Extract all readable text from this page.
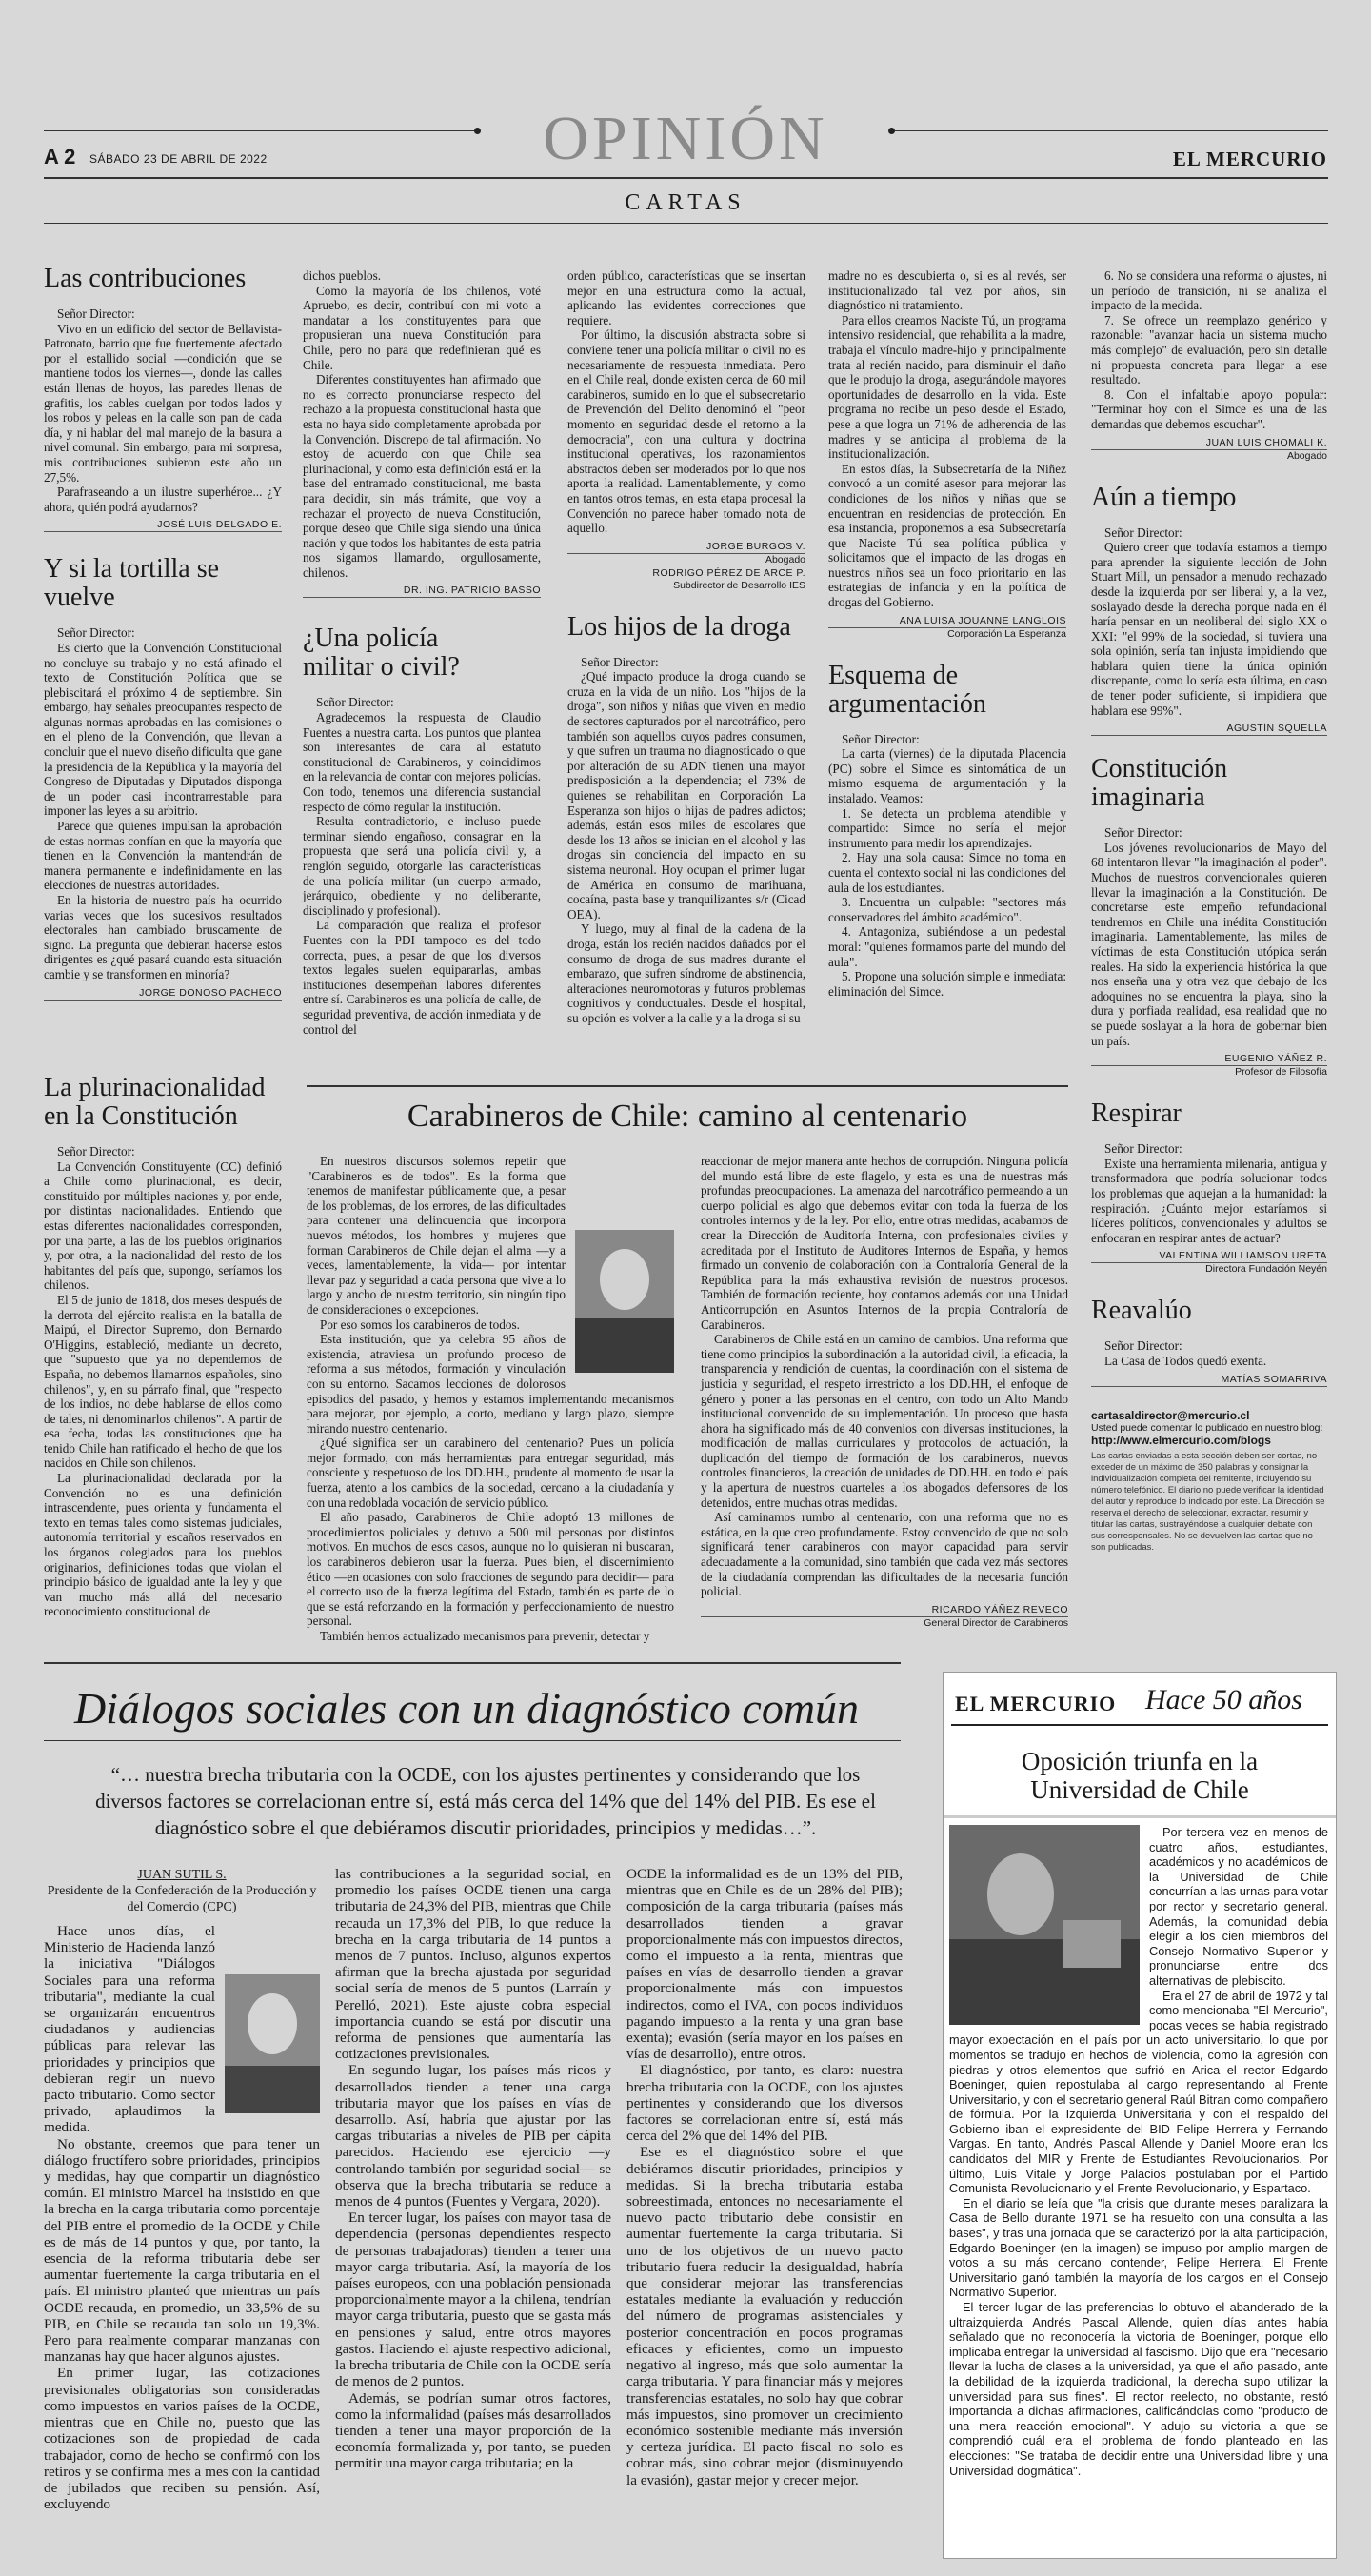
OPINIÓN
A 2 SÁBADO 23 DE ABRIL DE 2022	EL MERCURIO
CARTAS
Las contribuciones

Señor Director:

Vivo en un edificio del sector de Bellavista-Patronato, barrio que fue fuertemente afectado por el estallido social —condición que se mantiene todos los viernes—, donde las calles están llenas de hoyos, las paredes llenas de grafitis, los cables cuelgan por todos lados y los robos y peleas en la calle son pan de cada día, y ni hablar del mal manejo de la basura a nivel comunal. Sin embargo, para mi sorpresa, mis contribuciones subieron este año un 27,5%.

Parafraseando a un ilustre superhéroe... ¿Y ahora, quién podrá ayudarnos?

JOSÉ LUIS DELGADO E.
Y si la tortilla se vuelve

Señor Director:

Es cierto que la Convención Constitucional no concluye su trabajo y no está afinado el texto de Constitución Política que se plebiscitará el próximo 4 de septiembre. Sin embargo, hay señales preocupantes respecto de algunas normas aprobadas en las comisiones o en el pleno de la Convención, que llevan a concluir que el nuevo diseño dificulta que gane la presidencia de la República y la mayoría del Congreso de Diputadas y Diputados disponga de un poder casi incontrarrestable para imponer las leyes a su arbitrio.

Parece que quienes impulsan la aprobación de estas normas confían en que la mayoría que tienen en la Convención la mantendrán de manera permanente e indefinidamente en las elecciones de nuestras autoridades.

En la historia de nuestro país ha ocurrido varias veces que los sucesivos resultados electorales han cambiado bruscamente de signo. La pregunta que debieran hacerse estos dirigentes es ¿qué pasará cuando esta situación cambie y se transformen en minoría?

JORGE DONOSO PACHECO

dichos pueblos.

Como la mayoría de los chilenos, voté Apruebo, es decir, contribuí con mi voto a mandatar a los constituyentes para que propusieran una nueva Constitución para Chile, pero no para que redefinieran qué es Chile.

Diferentes constituyentes han afirmado que no es correcto pronunciarse respecto del rechazo a la propuesta constitucional hasta que esta no haya sido completamente aprobada por la Convención. Discrepo de tal afirmación. No estoy de acuerdo con que Chile sea plurinacional, y como esta definición está en la base del entramado constitucional, me basta para decidir, sin más trámite, que voy a rechazar el proyecto de nueva Constitución, porque deseo que Chile siga siendo una única nación y que todos los habitantes de esta patria nos sigamos llamando, orgullosamente, chilenos.

DR. ING. PATRICIO BASSO
¿Una policía militar o civil?

Señor Director:

Agradecemos la respuesta de Claudio Fuentes a nuestra carta. Los puntos que plantea son interesantes de cara al estatuto constitucional de Carabineros, y coincidimos en la relevancia de contar con mejores policías. Con todo, tenemos una diferencia sustancial respecto de cómo regular la institución.

Resulta contradictorio, e incluso puede terminar siendo engañoso, consagrar en la propuesta que será una policía civil y, a renglón seguido, otorgarle las características de una policía militar (un cuerpo armado, jerárquico, obediente y no deliberante, disciplinado y profesional).

La comparación que realiza el profesor Fuentes con la PDI tampoco es del todo correcta, pues, a pesar de que los diversos textos legales suelen equipararlas, ambas instituciones desempeñan labores diferentes entre sí. Carabineros es una policía de calle, de seguridad preventiva, de acción inmediata y de control del

orden público, características que se insertan mejor en una estructura como la actual, aplicando las evidentes correcciones que requiere.

Por último, la discusión abstracta sobre si conviene tener una policía militar o civil no es necesariamente de respuesta inmediata. Pero en el Chile real, donde existen cerca de 60 mil carabineros, sumido en lo que el subsecretario de Prevención del Delito denominó el "peor momento en seguridad desde el retorno a la democracia", con una cultura y doctrina institucional operativas, los razonamientos abstractos deben ser moderados por lo que nos aporta la realidad. Lamentablemente, y como en tantos otros temas, en esta etapa procesal la Convención no parece haber tomado nota de aquello.

JORGE BURGOS V.
Abogado
RODRIGO PÉREZ DE ARCE P.
Subdirector de Desarrollo IES
Los hijos de la droga

Señor Director:

¿Qué impacto produce la droga cuando se cruza en la vida de un niño. Los "hijos de la droga", son niños y niñas que viven en medio de sectores capturados por el narcotráfico, pero también son aquellos cuyos padres consumen, y que sufren un trauma no diagnosticado o que por alteración de su ADN tienen una mayor predisposición a la dependencia; el 73% de quienes se rehabilitan en Corporación La Esperanza son hijos o hijas de padres adictos; además, están esos miles de escolares que desde los 13 años se inician en el alcohol y las drogas sin conciencia del impacto en su sistema neuronal. Hoy ocupan el primer lugar de América en consumo de marihuana, cocaína, pasta base y tranquilizantes s/r (Cicad OEA).

Y luego, muy al final de la cadena de la droga, están los recién nacidos dañados por el consumo de droga de sus madres durante el embarazo, que sufren síndrome de abstinencia, alteraciones neuromotoras y futuros problemas cognitivos y conductuales. Desde el hospital, su opción es volver a la calle y a la droga si su

madre no es descubierta o, si es al revés, ser institucionalizado tal vez por años, sin diagnóstico ni tratamiento.

Para ellos creamos Naciste Tú, un programa intensivo residencial, que rehabilita a la madre, trabaja el vínculo madre-hijo y principalmente trata al recién nacido, para disminuir el daño que le produjo la droga, asegurándole mayores oportunidades de desarrollo en la vida. Este programa no recibe un peso desde el Estado, pese a que logra un 71% de adherencia de las madres y se anticipa al problema de la institucionalización.

En estos días, la Subsecretaría de la Niñez convocó a un comité asesor para mejorar las condiciones de los niños y niñas que se encuentran en residencias de protección. En esa instancia, proponemos a esa Subsecretaría que Naciste Tú sea política pública y solicitamos que el impacto de las drogas en nuestros niños sea un foco prioritario en las estrategias de infancia y en la política de drogas del Gobierno.

ANA LUISA JOUANNE LANGLOIS
Corporación La Esperanza
Esquema de argumentación

Señor Director:

La carta (viernes) de la diputada Placencia (PC) sobre el Simce es sintomática de un mismo esquema de argumentación y la instalado. Veamos:

1. Se detecta un problema atendible y compartido: Simce no sería el mejor instrumento para medir los aprendizajes.

2. Hay una sola causa: Simce no toma en cuenta el contexto social ni las condiciones del aula de los estudiantes.

3. Encuentra un culpable: "sectores más conservadores del ámbito académico".

4. Antagoniza, subiéndose a un pedestal moral: "quienes formamos parte del mundo del aula".

5. Propone una solución simple e inmediata: eliminación del Simce.

6. No se considera una reforma o ajustes, ni un período de transición, ni se analiza el impacto de la medida.

7. Se ofrece un reemplazo genérico y razonable: "avanzar hacia un sistema mucho más complejo" de evaluación, pero sin detalle ni propuesta concreta para llegar a ese resultado.

8. Con el infaltable apoyo popular: "Terminar hoy con el Simce es una de las demandas que debemos escuchar".

JUAN LUIS CHOMALI K.
Abogado
Aún a tiempo

Señor Director:

Quiero creer que todavía estamos a tiempo para aprender la siguiente lección de John Stuart Mill, un pensador a menudo rechazado desde la izquierda por ser liberal y, a la vez, soslayado desde la derecha porque nada en él haría pensar en un neoliberal del siglo XX o XXI: "el 99% de la sociedad, si tuviera una sola opinión, sería tan injusta impidiendo que hablara quien tiene la única opinión discrepante, como lo sería esta última, en caso de tener poder suficiente, si impidiera que hablara ese 99%".

AGUSTÍN SQUELLA
Constitución imaginaria

Señor Director:

Los jóvenes revolucionarios de Mayo del 68 intentaron llevar "la imaginación al poder". Muchos de nuestros convencionales quieren llevar la imaginación a la Constitución. De concretarse este empeño refundacional tendremos en Chile una inédita Constitución imaginaria. Lamentablemente, las miles de víctimas de esta Constitución utópica serán reales. Ha sido la experiencia histórica la que nos enseña una y otra vez que debajo de los adoquines no se encuentra la playa, sino la dura y porfiada realidad, esa realidad que no se puede soslayar a la hora de gobernar bien un país.

EUGENIO YÁÑEZ R.
Profesor de Filosofía
Respirar

Señor Director:

Existe una herramienta milenaria, antigua y transformadora que podría solucionar todos los problemas que aquejan a la humanidad: la respiración. ¿Cuánto mejor estaríamos si líderes políticos, convencionales y adultos se enfocaran en respirar antes de actuar?

VALENTINA WILLIAMSON URETA
Directora Fundación Neyén
Reavalúo

Señor Director:

La Casa de Todos quedó exenta.

MATÍAS SOMARRIVA
cartasaldirector@mercurio.cl
Usted puede comentar lo publicado en nuestro blog:
http://www.elmercurio.com/blogs
Las cartas enviadas a esta sección deben ser cortas, no exceder de un máximo de 350 palabras y consignar la individualización completa del remitente, incluyendo su número telefónico. El diario no puede verificar la identidad del autor y reproduce lo indicado por este. La Dirección se reserva el derecho de seleccionar, extractar, resumir y titular las cartas, sustrayéndose a cualquier debate con sus corresponsales. No se devuelven las cartas que no son publicadas.
La plurinacionalidad en la Constitución

Señor Director:

La Convención Constituyente (CC) definió a Chile como plurinacional, es decir, constituido por múltiples naciones y, por ende, por distintas nacionalidades. Entiendo que estas diferentes nacionalidades corresponden, por una parte, a las de los pueblos originarios y, por otra, a la nacionalidad del resto de los habitantes del país que, supongo, seríamos los chilenos.

El 5 de junio de 1818, dos meses después de la derrota del ejército realista en la batalla de Maipú, el Director Supremo, don Bernardo O'Higgins, estableció, mediante un decreto, que "supuesto que ya no dependemos de España, no debemos llamarnos españoles, sino chilenos", y, en su párrafo final, que "respecto de los indios, no debe hablarse de ellos como de tales, ni denominarlos chilenos". A partir de esa fecha, todas las constituciones que ha tenido Chile han ratificado el hecho de que los nacidos en Chile son chilenos.

La plurinacionalidad declarada por la Convención no es una definición intrascendente, pues orienta y fundamenta el texto en temas tales como sistemas judiciales, autonomía territorial y escaños reservados en los órganos colegiados para los pueblos originarios, definiciones todas que violan el principio básico de igualdad ante la ley y que van mucho más allá del necesario reconocimiento constitucional de

Carabineros de Chile: camino al centenario

En nuestros discursos solemos repetir que "Carabineros es de todos". Es la forma que tenemos de manifestar públicamente que, a pesar de los problemas, de los errores, de las dificultades para contener una delincuencia que incorpora nuevos métodos, los hombres y mujeres que forman Carabineros de Chile dejan el alma —y a veces, lamentablemente, la vida— por intentar llevar paz y seguridad a cada persona que vive a lo largo y ancho de nuestro territorio, sin ningún tipo de consideraciones o excepciones.

Por eso somos los carabineros de todos.

Esta institución, que ya celebra 95 años de existencia, atraviesa un profundo proceso de reforma a sus métodos, formación y vinculación con su entorno. Sacamos lecciones de dolorosos episodios del pasado, y hemos y estamos implementando mecanismos para mejorar, por ejemplo, a corto, mediano y largo plazo, siempre mirando nuestro centenario.

¿Qué significa ser un carabinero del centenario? Pues un policía mejor formado, con más herramientas para entregar seguridad, más consciente y respetuoso de los DD.HH., prudente al momento de usar la fuerza, atento a los cambios de la sociedad, cercano a la ciudadanía y con una redoblada vocación de servicio público.

El año pasado, Carabineros de Chile adoptó 13 millones de procedimientos policiales y detuvo a 500 mil personas por distintos motivos. En muchos de esos casos, aunque no lo quisieran ni buscaran, los carabineros debieron usar la fuerza. Pues bien, el discernimiento ético —en ocasiones con solo fracciones de segundo para decidir— para el correcto uso de la fuerza legítima del Estado, también es parte de lo que se está reforzando en la formación y perfeccionamiento de nuestro personal.

También hemos actualizado mecanismos para prevenir, detectar y

reaccionar de mejor manera ante hechos de corrupción. Ninguna policía del mundo está libre de este flagelo, y esta es una de nuestras más profundas preocupaciones. La amenaza del narcotráfico permeando a un cuerpo policial es algo que debemos evitar con toda la fuerza de los controles internos y de la ley. Por ello, entre otras medidas, acabamos de crear la Dirección de Auditoría Interna, con profesionales civiles y acreditada por el Instituto de Auditores Internos de España, y hemos firmado un convenio de colaboración con la Contraloría General de la República para la más exhaustiva revisión de nuestros procesos. También de formación reciente, hoy contamos además con una Unidad Anticorrupción en Asuntos Internos de la propia Contraloría de Carabineros.

Carabineros de Chile está en un camino de cambios. Una reforma que tiene como principios la subordinación a la autoridad civil, la eficacia, la transparencia y rendición de cuentas, la coordinación con el sistema de justicia y seguridad, el respeto irrestricto a los DD.HH, el enfoque de género y poner a las personas en el centro, con todo un Alto Mando institucional convencido de su implementación. Un proceso que hasta ahora ha significado más de 40 convenios con diversas instituciones, la modificación de mallas curriculares y protocolos de actuación, la duplicación del tiempo de formación de los carabineros, nuevos controles financieros, la creación de unidades de DD.HH. en todo el país y la apertura de nuestros cuarteles a los abogados defensores de los detenidos, entre muchas otras medidas.

Así caminamos rumbo al centenario, con una reforma que no es estática, en la que creo profundamente. Estoy convencido de que no solo significará tener carabineros con mayor capacidad para servir adecuadamente a la comunidad, sino también que cada vez más sectores de la ciudadanía comprendan las dificultades de la necesaria función policial.

RICARDO YÁÑEZ REVECO
General Director de Carabineros
Diálogos sociales con un diagnóstico común
“… nuestra brecha tributaria con la OCDE, con los ajustes pertinentes y considerando que los diversos factores se correlacionan entre sí, está más cerca del 14% que del 14% del PIB. Es ese el diagnóstico sobre el que debiéramos discutir prioridades, principios y medidas…”.
JUAN SUTIL S.
Presidente de la Confederación de la Producción y del Comercio (CPC)

Hace unos días, el Ministerio de Hacienda lanzó la iniciativa "Diálogos Sociales para una reforma tributaria", mediante la cual se organizarán encuentros ciudadanos y audiencias públicas para relevar las prioridades y principios que debieran regir un nuevo pacto tributario. Como sector privado, aplaudimos la medida.

No obstante, creemos que para tener un diálogo fructífero sobre prioridades, principios y medidas, hay que compartir un diagnóstico común. El ministro Marcel ha insistido en que la brecha en la carga tributaria como porcentaje del PIB entre el promedio de la OCDE y Chile es de más de 14 puntos y que, por tanto, la esencia de la reforma tributaria debe ser aumentar fuertemente la carga tributaria en el país. El ministro planteó que mientras un país OCDE recauda, en promedio, un 33,5% de su PIB, en Chile se recauda tan solo un 19,3%. Pero para realmente comparar manzanas con manzanas hay que hacer algunos ajustes.

En primer lugar, las cotizaciones previsionales obligatorias son consideradas como impuestos en varios países de la OCDE, mientras que en Chile no, puesto que las cotizaciones son de propiedad de cada trabajador, como de hecho se confirmó con los retiros y se confirma mes a mes con la cantidad de jubilados que reciben su pensión. Así, excluyendo

las contribuciones a la seguridad social, en promedio los países OCDE tienen una carga tributaria de 24,3% del PIB, mientras que Chile recauda un 17,3% del PIB, lo que reduce la brecha en la carga tributaria de 14 puntos a menos de 7 puntos. Incluso, algunos expertos afirman que la brecha ajustada por seguridad social sería de menos de 5 puntos (Larraín y Perelló, 2021). Este ajuste cobra especial importancia cuando se está por discutir una reforma de pensiones que aumentaría las cotizaciones previsionales.

En segundo lugar, los países más ricos y desarrollados tienden a tener una carga tributaria mayor que los países en vías de desarrollo. Así, habría que ajustar por las cargas tributarias a niveles de PIB per cápita parecidos. Haciendo ese ejercicio —y controlando también por seguridad social— se observa que la brecha tributaria se reduce a menos de 4 puntos (Fuentes y Vergara, 2020).

En tercer lugar, los países con mayor tasa de dependencia (personas dependientes respecto de personas trabajadoras) tienden a tener una mayor carga tributaria. Así, la mayoría de los países europeos, con una población pensionada proporcionalmente mayor a la chilena, tendrían mayor carga tributaria, puesto que se gasta más en pensiones y salud, entre otros mayores gastos. Haciendo el ajuste respectivo adicional, la brecha tributaria de Chile con la OCDE sería de menos de 2 puntos.

Además, se podrían sumar otros factores, como la informalidad (países más desarrollados tienden a tener una mayor proporción de la economía formalizada y, por tanto, se pueden permitir una mayor carga tributaria; en la

OCDE la informalidad es de un 13% del PIB, mientras que en Chile es de un 28% del PIB); composición de la carga tributaria (países más desarrollados tienden a gravar proporcionalmente más con impuestos directos, como el impuesto a la renta, mientras que países en vías de desarrollo tienden a gravar proporcionalmente más con impuestos indirectos, como el IVA, con pocos individuos pagando impuesto a la renta y una gran base exenta); evasión (sería mayor en los países en vías de desarrollo), entre otros.

El diagnóstico, por tanto, es claro: nuestra brecha tributaria con la OCDE, con los ajustes pertinentes y considerando que los diversos factores se correlacionan entre sí, está más cerca del 2% que del 14% del PIB.

Ese es el diagnóstico sobre el que debiéramos discutir prioridades, principios y medidas. Si la brecha tributaria estaba sobreestimada, entonces no necesariamente el nuevo pacto tributario debe consistir en aumentar fuertemente la carga tributaria. Si uno de los objetivos de un nuevo pacto tributario fuera reducir la desigualdad, habría que considerar mejorar las transferencias estatales mediante la evaluación y reducción del número de programas asistenciales y posterior concentración en pocos programas eficaces y eficientes, como un impuesto negativo al ingreso, más que solo aumentar la carga tributaria. Y para financiar más y mejores transferencias estatales, no solo hay que cobrar más impuestos, sino promover un crecimiento económico sostenible mediante más inversión y certeza jurídica. El pacto fiscal no solo es cobrar más, sino cobrar mejor (disminuyendo la evasión), gastar mejor y crecer mejor.

EL MERCURIO Hace 50 años
Oposición triunfa en la Universidad de Chile

Por tercera vez en menos de cuatro años, estudiantes, académicos y no académicos de la Universidad de Chile concurrían a las urnas para votar por rector y secretario general. Además, la comunidad debía elegir a los cien miembros del Consejo Normativo Superior y pronunciarse entre dos alternativas de plebiscito.

Era el 27 de abril de 1972 y tal como mencionaba "El Mercurio", pocas veces se había registrado mayor expectación en el país por un acto universitario, lo que por momentos se tradujo en hechos de violencia, como la agresión con piedras y otros elementos que sufrió en Arica el rector Edgardo Boeninger, quien repostulaba al cargo representando al Frente Universitario, y con el secretario general Raúl Bitran como compañero de fórmula. Por la Izquierda Universitaria y con el respaldo del Gobierno iban el expresidente del BID Felipe Herrera y Fernando Vargas. En tanto, Andrés Pascal Allende y Daniel Moore eran los candidatos del MIR y Frente de Estudiantes Revolucionarios. Por último, Luis Vitale y Jorge Palacios postulaban por el Partido Comunista Revolucionario y el Frente Revolucionario, y Espartaco.

En el diario se leía que "la crisis que durante meses paralizara la Casa de Bello durante 1971 se ha resuelto con una consulta a las bases", y tras una jornada que se caracterizó por la alta participación, Edgardo Boeninger (en la imagen) se impuso por amplio margen de votos a su más cercano contender, Felipe Herrera. El Frente Universitario ganó también la mayoría de los cargos en el Consejo Normativo Superior.

El tercer lugar de las preferencias lo obtuvo el abanderado de la ultraizquierda Andrés Pascal Allende, quien días antes había señalado que no reconocería la victoria de Boeninger, porque ello implicaba entregar la universidad al fascismo. Dijo que era "necesario llevar la lucha de clases a la universidad, ya que el año pasado, ante la debilidad de la izquierda tradicional, la derecha supo utilizar la universidad para sus fines". El rector reelecto, no obstante, restó importancia a dichas afirmaciones, calificándolas como "producto de una mera reacción emocional". Y adujo su victoria a que se comprendió cuál era el problema de fondo planteado en las elecciones: "Se trataba de decidir entre una Universidad libre y una Universidad dogmática".
